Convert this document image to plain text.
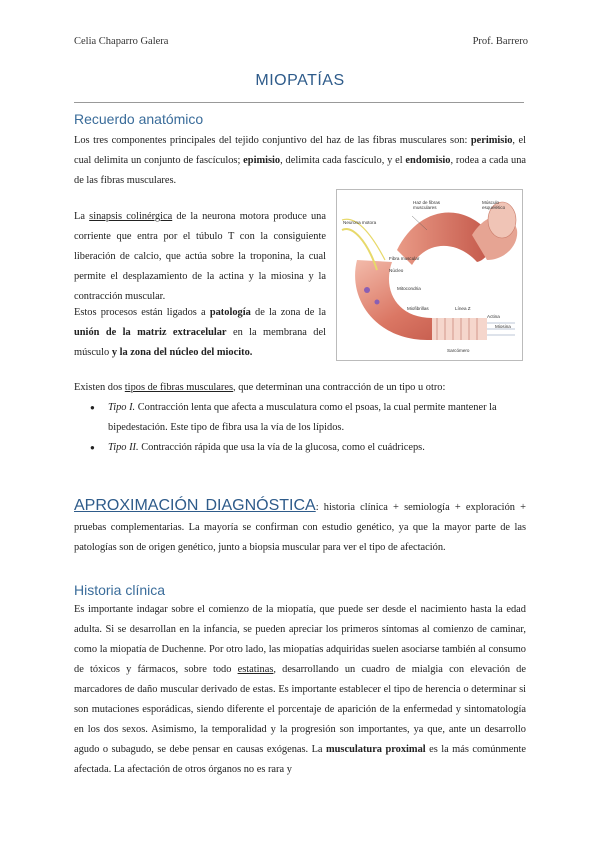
Celia Chaparro Galera	Prof. Barrero
MIOPATÍAS
Recuerdo anatómico
Los tres componentes principales del tejido conjuntivo del haz de las fibras musculares son: perimisio, el cual delimita un conjunto de fascículos; epimisio, delimita cada fascículo, y el endomisio, rodea a cada una de las fibras musculares.
La sinapsis colinérgica de la neurona motora produce una corriente que entra por el túbulo T con la consiguiente liberación de calcio, que actúa sobre la troponina, la cual permite el desplazamiento de la actina y la miosina y la contracción muscular.
Estos procesos están ligados a patología de la zona de la unión de la matriz extracelular en la membrana del músculo y la zona del núcleo del miocito.
Haz de fibras musculares
Músculo esquelético
Neurona motora
Fibra muscular
Núcleo
Mitocondria
Miofibrillas	Línea Z
Actina
Miosina
Sarcómero
Existen dos tipos de fibras musculares, que determinan una contracción de un tipo u otro:
● Tipo I. Contracción lenta que afecta a musculatura como el psoas, la cual permite mantener la bipedestación. Este tipo de fibra usa la vía de los lípidos.
● Tipo II. Contracción rápida que usa la vía de la glucosa, como el cuádriceps.
APROXIMACIÓN DIAGNÓSTICA: historia clínica + semiología + exploración + pruebas complementarias. La mayoría se confirman con estudio genético, ya que la mayor parte de las patologías son de origen genético, junto a biopsia muscular para ver el tipo de afectación.
Historia clínica
Es importante indagar sobre el comienzo de la miopatía, que puede ser desde el nacimiento hasta la edad adulta. Si se desarrollan en la infancia, se pueden apreciar los primeros síntomas al comienzo de caminar, como la miopatía de Duchenne. Por otro lado, las miopatías adquiridas suelen asociarse también al consumo de tóxicos y fármacos, sobre todo estatinas, desarrollando un cuadro de mialgia con elevación de marcadores de daño muscular derivado de estas. Es importante establecer el tipo de herencia o determinar si son mutaciones esporádicas, siendo diferente el porcentaje de aparición de la enfermedad y sintomatología en los dos sexos. Asimismo, la temporalidad y la progresión son importantes, ya que, ante un desarrollo agudo o subagudo, se debe pensar en causas exógenas. La musculatura proximal es la más comúnmente afectada. La afectación de otros órganos no es rara y
